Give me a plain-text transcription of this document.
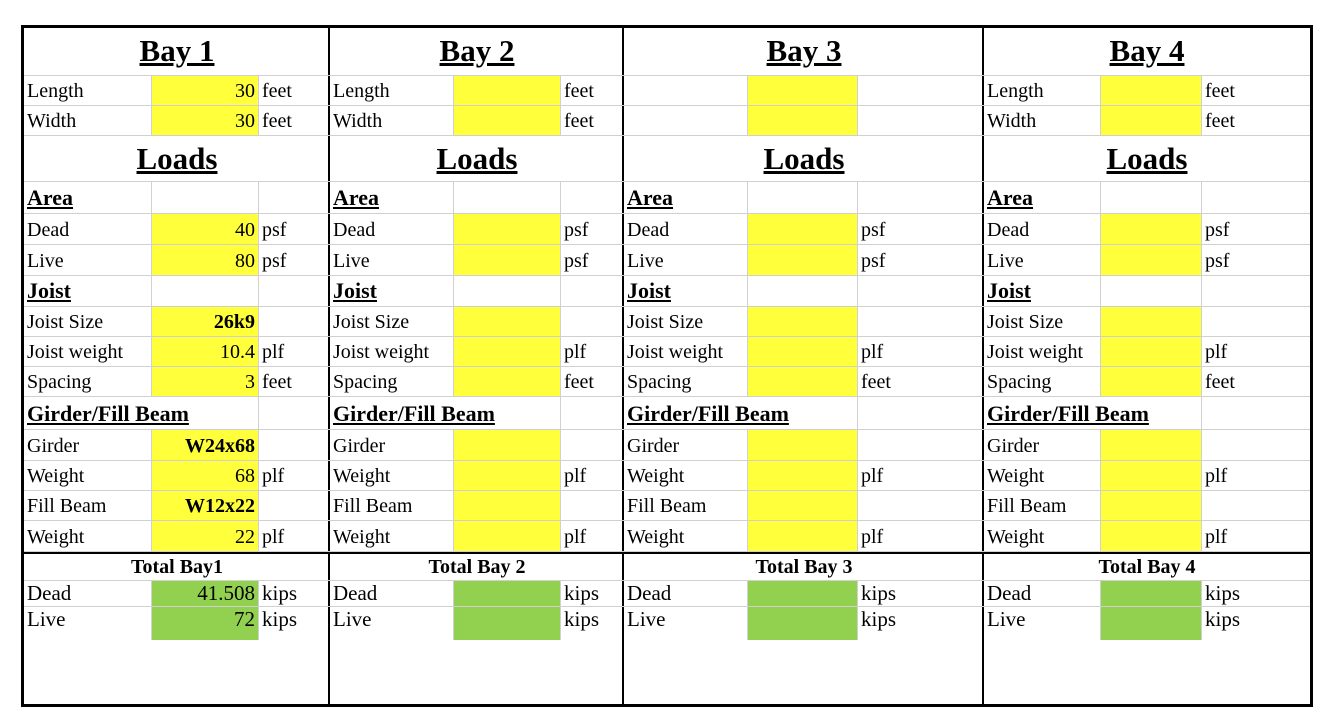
Bay 1
Length	30 feet
Width	30 feet
Loads
Area
Dead	40 psf
Live	80 psf
Joist
Joist Size	26k9
Joist weight	10.4 plf
Spacing	3 feet
Girder/Fill Beam
Girder	W24x68
Weight	68 plf
Fill Beam	W12x22
Weight	22 plf
Total Bay1
Dead	41.508 kips
Live	72 kips
Bay 2
Length	feet
Width	feet
Loads
Area
Dead	psf
Live	psf
Joist
Joist Size
Joist weight	plf
Spacing	feet
Girder/Fill Beam
Girder
Weight	plf
Fill Beam
Weight	plf
Total Bay 2
Dead	kips
Live	kips
Bay 3
Loads
Area
Dead	psf
Live	psf
Joist
Joist Size
Joist weight	plf
Spacing	feet
Girder/Fill Beam
Girder
Weight	plf
Fill Beam
Weight	plf
Total Bay 3
Dead	kips
Live	kips
Bay 4
Length	feet
Width	feet
Loads
Area
Dead	psf
Live	psf
Joist
Joist Size
Joist weight	plf
Spacing	feet
Girder/Fill Beam
Girder
Weight	plf
Fill Beam
Weight	plf
Total Bay 4
Dead	kips
Live	kips
